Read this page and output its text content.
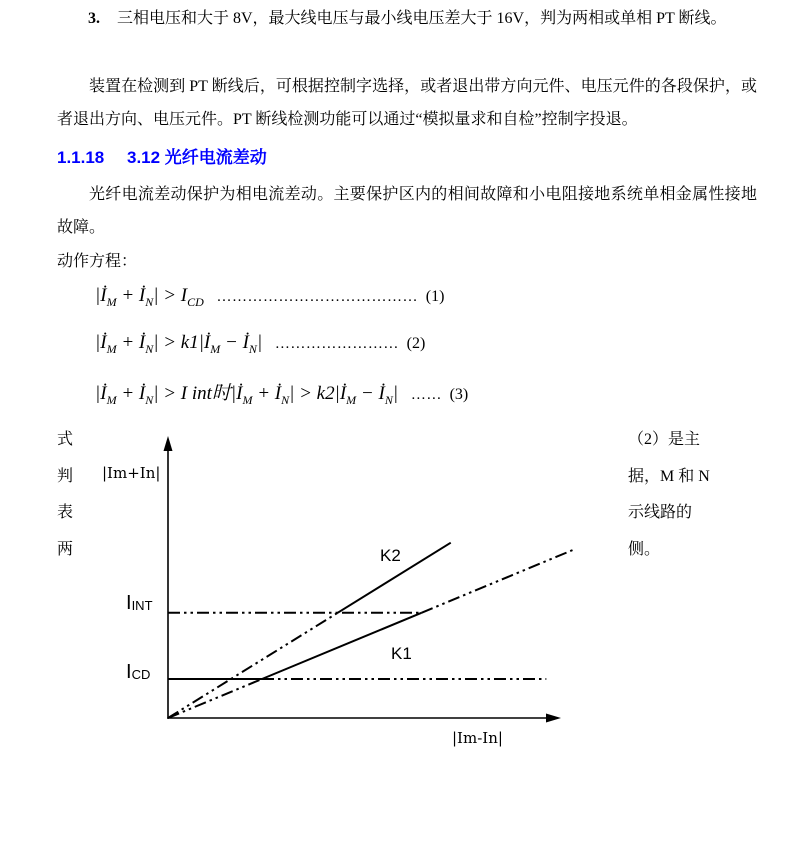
3. 三相电压和大于 8V，最大线电压与最小线电压差大于 16V，判为两相或单相 PT 断线。
装置在检测到 PT 断线后，可根据控制字选择，或者退出带方向元件、电压元件的各段保护，或者退出方向、电压元件。PT 断线检测功能可以通过“模拟量求和自检”控制字投退。
1.1.18 3.12 光纤电流差动
光纤电流差动保护为相电流差动。主要保护区内的相间故障和小电阻接地系统单相金属性接地故障。
动作方程：
$|İ_M$ + $İ_N| > I_{CD}$ ………………………………… (1)
$|İ_M$ + $İ_N|$ > $k1|İ_M$ − $İ_N|$ …………………… (2)
$|İ_M$ + $İ_N| > I$ int时$|İ_M$ + $İ_N|$ > $k2|İ_M$ − $İ_N|$ …… (3)
式
判
表
两
|Im+In|
|Im-In|
IINT
ICD
K2
K1
（2）是主
据，M 和 N
示线路的
侧。
